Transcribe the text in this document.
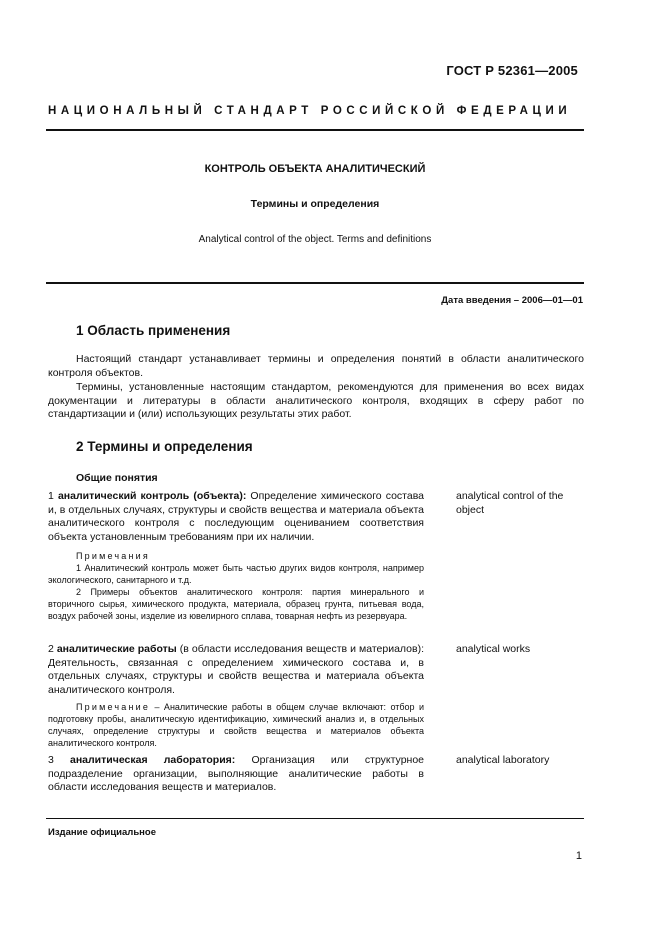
ГОСТ Р 52361—2005
НАЦИОНАЛЬНЫЙ СТАНДАРТ РОССИЙСКОЙ ФЕДЕРАЦИИ
КОНТРОЛЬ ОБЪЕКТА АНАЛИТИЧЕСКИЙ
Термины и определения
Analytical control of the object. Terms and definitions
Дата введения – 2006—01—01
1 Область применения
Настоящий стандарт устанавливает термины и определения понятий в области аналитического контроля объектов.
Термины, установленные настоящим стандартом, рекомендуются для применения во всех видах документации и литературы в области аналитического контроля, входящих в сферу работ по стандартизации и (или) использующих результаты этих работ.
2 Термины и определения
Общие понятия
1 аналитический контроль (объекта): Определение химического состава и, в отдельных случаях, структуры и свойств вещества и материала объекта аналитического контроля с последующим оцениванием соответствия объекта установленным требованиям при их наличии.
analytical control of the object
Примечания
1 Аналитический контроль может быть частью других видов контроля, например экологического, санитарного и т.д.
2 Примеры объектов аналитического контроля: партия минерального и вторичного сырья, химического продукта, материала, образец грунта, питьевая вода, воздух рабочей зоны, изделие из ювелирного сплава, товарная нефть из резервуара.
2 аналитические работы (в области исследования веществ и материалов): Деятельность, связанная с определением химического состава и, в отдельных случаях, структуры и свойств вещества и материала объекта аналитического контроля.
analytical works
Примечание – Аналитические работы в общем случае включают: отбор и подготовку пробы, аналитическую идентификацию, химический анализ и, в отдельных случаях, определение структуры и свойств вещества и материалов объекта аналитического контроля.
3 аналитическая лаборатория: Организация или структурное подразделение организации, выполняющие аналитические работы в области исследования веществ и материалов.
analytical laboratory
Издание официальное
1
